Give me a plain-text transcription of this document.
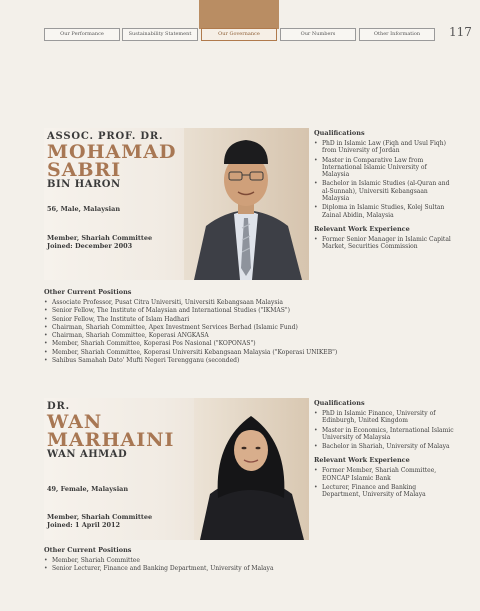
Our Performance	Sustainability Statement	Our Governance	Our Numbers	Other Information	117
ASSOC. PROF. DR.
MOHAMAD
SABRI
BIN HARON
56, Male, Malaysian
Member, Shariah Committee
Joined: December 2003
Qualifications
• PhD in Islamic Law (Fiqh and Usul Fiqh) from University of Jordan
• Master in Comparative Law from International Islamic University of Malaysia
• Bachelor in Islamic Studies (al-Quran and al-Sunnah), Universiti Kebangsaan Malaysia
• Diploma in Islamic Studies, Kolej Sultan Zainal Abidin, Malaysia
Relevant Work Experience
• Former Senior Manager in Islamic Capital Market, Securities Commission
Other Current Positions
• Associate Professor, Pusat Citra Universiti, Universiti Kebangsaan Malaysia
• Senior Fellow, The Institute of Malaysian and International Studies ("IKMAS")
• Senior Fellow, The Institute of Islam Hadhari
• Chairman, Shariah Committee, Apex Investment Services Berhad (Islamic Fund)
• Chairman, Shariah Committee, Koperasi ANGKASA
• Member, Shariah Committee, Koperasi Pos Nasional ("KOPONAS")
• Member, Shariah Committee, Koperasi Universiti Kebangsaan Malaysia ("Koperasi UNIKEB")
• Sahibus Samahah Dato' Mufti Negeri Terengganu (seconded)
DR.
WAN
MARHAINI
WAN AHMAD
49, Female, Malaysian
Member, Shariah Committee
Joined: 1 April 2012
Qualifications
• PhD in Islamic Finance, University of Edinburgh, United Kingdom
• Master in Economics, International Islamic University of Malaysia
• Bachelor in Shariah, University of Malaya
Relevant Work Experience
• Former Member, Shariah Committee, EONCAP Islamic Bank
• Lecturer, Finance and Banking Department, University of Malaya
Other Current Positions
• Member, Shariah Committee
• Senior Lecturer, Finance and Banking Department, University of Malaya
